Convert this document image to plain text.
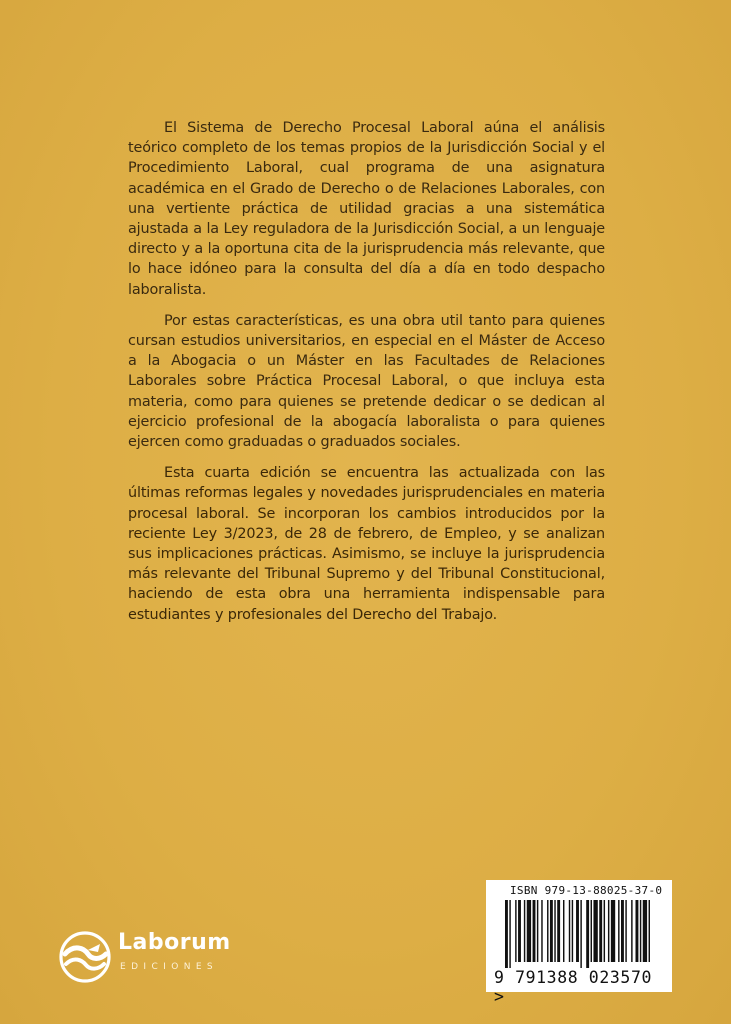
El Sistema de Derecho Procesal Laboral aúna el análisis teórico completo de los temas propios de la Jurisdicción Social y el Procedimiento Laboral, cual programa de una asignatura académica en el Grado de Derecho o de Relaciones Laborales, con una vertiente práctica de utilidad gracias a una sistemática ajustada a la Ley reguladora de la Jurisdicción Social, a un lenguaje directo y a la oportuna cita de la jurisprudencia más relevante, que lo hace idóneo para la consulta del día a día en todo despacho laboralista.

Por estas características, es una obra util tanto para quienes cursan estudios universitarios, en especial en el Máster de Acceso a la Abogacia o un Máster en las Facultades de Relaciones Laborales sobre Práctica Procesal Laboral, o que incluya esta materia, como para quienes se pretende dedicar o se dedican al ejercicio profesional de la abogacía laboralista o para quienes ejercen como graduadas o graduados sociales.

Esta cuarta edición se encuentra las actualizada con las últimas reformas legales y novedades jurisprudenciales en materia procesal laboral. Se incorporan los cambios introducidos por la reciente Ley 3/2023, de 28 de febrero, de Empleo, y se analizan sus implicaciones prácticas. Asimismo, se incluye la jurisprudencia más relevante del Tribunal Supremo y del Tribunal Constitucional, haciendo de esta obra una herramienta indispensable para estudiantes y profesionales del Derecho del Trabajo.

Laborum
EDICIONES
ISBN 979-13-88025-37-0
9 791388 023570 >
